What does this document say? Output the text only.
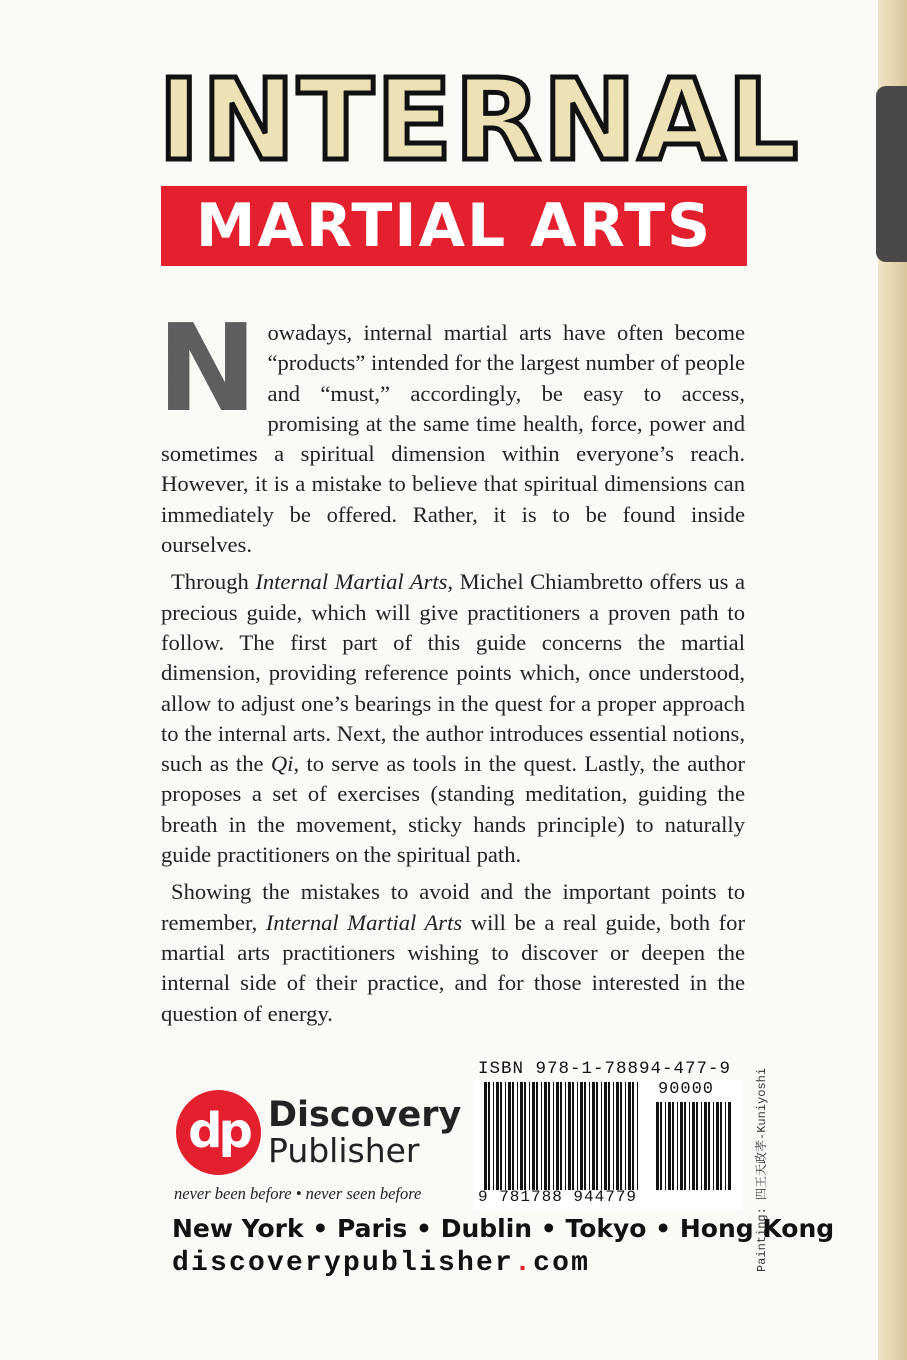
INTERNAL
MARTIAL ARTS

Nowadays, internal martial arts have often become “products” intended for the largest number of people and “must,” accordingly, be easy to access, promising at the same time health, force, power and sometimes a spiritual dimension within everyone’s reach. However, it is a mistake to believe that spiritual dimensions can immediately be offered. Rather, it is to be found inside ourselves.

Through Internal Martial Arts, Michel Chiambretto offers us a precious guide, which will give practitioners a proven path to follow. The first part of this guide concerns the martial dimension, providing reference points which, once understood, allow to adjust one’s bearings in the quest for a proper approach to the internal arts. Next, the author introduces essential notions, such as the Qi, to serve as tools in the quest. Lastly, the author proposes a set of exercises (standing meditation, guiding the breath in the movement, sticky hands principle) to naturally guide practitioners on the spiritual path.

Showing the mistakes to avoid and the important points to remember, Internal Martial Arts will be a real guide, both for martial arts practitioners wishing to discover or deepen the internal side of their practice, and for those interested in the question of energy.

dp Discovery
Publisher
never been before • never seen before
ISBN 978-1-78894-477-9
90000
9 781788 944779	Painting: 四王天政孝-Kuniyoshi
New York • Paris • Dublin • Tokyo • Hong Kong
discoverypublisher.com
